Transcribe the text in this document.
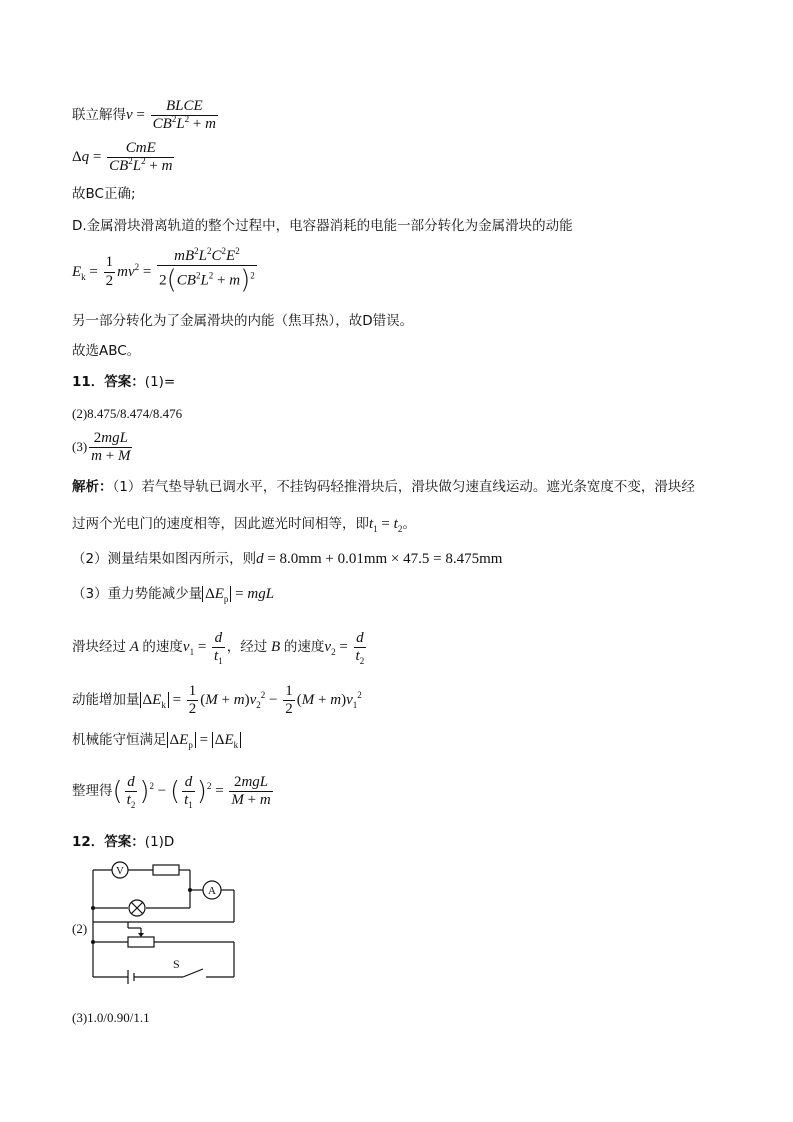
联立解得$v = \frac{\text{BLCE}}{CB^2L^2 + m}$
$\Delta q = \frac{\text{CmE}}{CB^2L^2 + m}$
故BC正确;
D.金属滑块滑离轨道的整个过程中，电容器消耗的电能一部分转化为金属滑块的动能
$E_k = \frac{1}{2} mv^2 = \frac{mB^2L^2C^2E^2}{2(CB^2L^2 + m)^2}$
另一部分转化为了金属滑块的内能（焦耳热），故D错误。
故选ABC。
11．答案：(1)=
(2)8.475/8.474/8.476
$(3) \frac{\text{2mgL}}{m + M}$
解析：（1）若气垫导轨已调水平，不挂钩码轻推滑块后，滑块做匀速直线运动。遮光条宽度不变，滑块经
过两个光电门的速度相等，因此遮光时间相等，即$t_1 = t_2$。
（2）测量结果如图丙所示，则d = 8.0mm + 0.01mm × 47.5 = 8.475mm
（3）重力势能减少量 $\Delta E_p$ = mgL
滑块经过 A 的速度$v_1 = \frac{d}{t_1}$ ，经过 B 的速度$v_2 = \frac{d}{t_2}$
动能增加量 $\Delta E_k = \frac{1}{2} (M + m)v_2^2 - \frac{1}{2} (M + m)v_1^2$
机械能守恒满足 $\Delta E_p = \Delta E_k$
整理得( $\frac{d}{t_2} )^2$ − ( $\frac{d}{t_1} )^2 = \frac{\text{2mgL}}{M + m}$
12．答案：(1)D
(2)
V
A
S
(3)1.0/0.90/1.1
